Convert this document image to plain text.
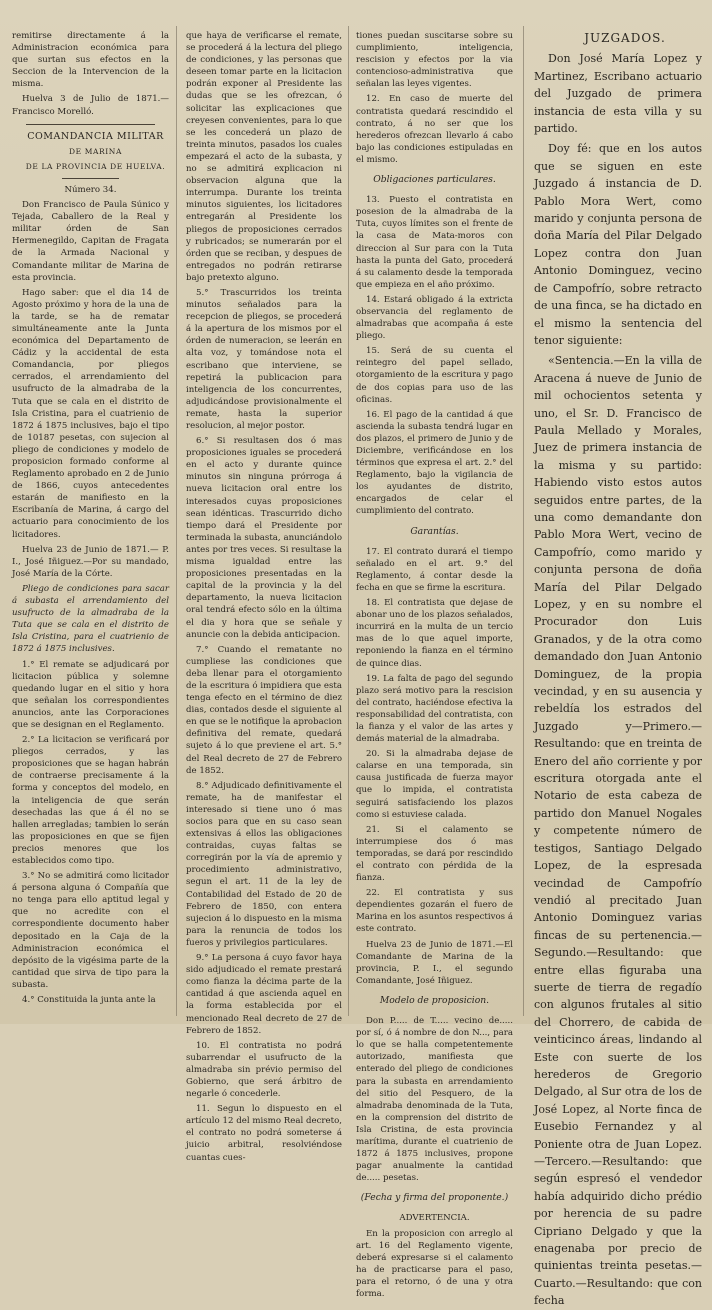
remitirse directamente á la Administracion económica para que surtan sus efectos en la Seccion de la Intervencion de la misma.

Huelva 3 de Julio de 1871.— Francisco Morelló.

COMANDANCIA MILITAR

DE MARINA

DE LA PROVINCIA DE HUELVA.

Número 34.

Don Francisco de Paula Súnico y Tejada, Caballero de la Real y militar órden de San Hermenegildo, Capitan de Fragata de la Armada Nacional y Comandante militar de Marina de esta provincia.

Hago saber: que el dia 14 de Agosto próximo y hora de la una de la tarde, se ha de rematar simultáneamente ante la Junta económica del Departamento de Cádiz y la accidental de esta Comandancia, por pliegos cerrados, el arrendamiento del usufructo de la almadraba de la Tuta que se cala en el distrito de Isla Cristina, para el cuatrienio de 1872 á 1875 inclusives, bajo el tipo de 10187 pesetas, con sujecion al pliego de condiciones y modelo de proposicion formado conforme al Reglamento aprobado en 2 de Junio de 1866, cuyos antecedentes estarán de manifiesto en la Escribanía de Marina, á cargo del actuario para conocimiento de los licitadores.

Huelva 23 de Junio de 1871.— P. I., José Iñiguez.—Por su mandado, José María de la Córte.

Pliego de condiciones para sacar á subasta el arrendamiento del usufructo de la almadraba de la Tuta que se cala en el distrito de Isla Cristina, para el cuatrienio de 1872 á 1875 inclusives.

1.° El remate se adjudicará por licitacion pública y solemne quedando lugar en el sitio y hora que señalan los correspondientes anuncios, ante las Corporaciones que se designan en el Reglamento.

2.° La licitacion se verificará por pliegos cerrados, y las proposiciones que se hagan habrán de contraerse precisamente á la forma y conceptos del modelo, en la inteligencia de que serán desechadas las que á él no se hallen arregladas; tambien lo serán las proposiciones en que se fijen precios menores que los establecidos como tipo.

3.° No se admitirá como licitador á persona alguna ó Compañía que no tenga para ello aptitud legal y que no acredite con el correspondiente documento haber depositado en la Caja de la Administracion económica el depósito de la vigésima parte de la cantidad que sirva de tipo para la subasta.

4.° Constituida la junta ante la

que haya de verificarse el remate, se procederá á la lectura del pliego de condiciones, y las personas que deseen tomar parte en la licitacion podrán exponer al Presidente las dudas que se les ofrezcan, ó solicitar las explicaciones que creyesen convenientes, para lo que se les concederá un plazo de treinta minutos, pasados los cuales empezará el acto de la subasta, y no se admitirá explicacion ni observacion alguna que la interrumpa. Durante los treinta minutos siguientes, los licitadores entregarán al Presidente los pliegos de proposiciones cerrados y rubricados; se numerarán por el órden que se reciban, y despues de entregados no podrán retirarse bajo pretexto alguno.

5.° Trascurridos los treinta minutos señalados para la recepcion de pliegos, se procederá á la apertura de los mismos por el órden de numeracion, se leerán en alta voz, y tomándose nota el escribano que interviene, se repetirá la publicacion para inteligencia de los concurrentes, adjudicándose provisionalmente el remate, hasta la superior resolucion, al mejor postor.

6.° Si resultasen dos ó mas proposiciones iguales se procederá en el acto y durante quince minutos sin ninguna prórroga á nueva licitacion oral entre los interesados cuyas proposiciones sean idénticas. Trascurrido dicho tiempo dará el Presidente por terminada la subasta, anunciándolo antes por tres veces. Si resultase la misma igualdad entre las proposiciones presentadas en la capital de la provincia y la del departamento, la nueva licitacion oral tendrá efecto sólo en la última el dia y hora que se señale y anuncie con la debida anticipacion.

7.° Cuando el rematante no cumpliese las condiciones que deba llenar para el otorgamiento de la escritura ó impidiera que esta tenga efecto en el término de diez dias, contados desde el siguiente al en que se le notifique la aprobacion definitiva del remate, quedará sujeto á lo que previene el art. 5.° del Real decreto de 27 de Febrero de 1852.

8.° Adjudicado definitivamente el remate, ha de manifestar el interesado si tiene uno ó mas socios para que en su caso sean extensivas á ellos las obligaciones contraidas, cuyas faltas se corregirán por la vía de apremio y procedimiento administrativo, segun el art. 11 de la ley de Contabilidad del Estado de 20 de Febrero de 1850, con entera sujecion á lo dispuesto en la misma para la renuncia de todos los fueros y privilegios particulares.

9.° La persona á cuyo favor haya sido adjudicado el remate prestará como fianza la décima parte de la cantidad á que ascienda aquel en la forma establecida por el mencionado Real decreto de 27 de Febrero de 1852.

10. El contratista no podrá subarrendar el usufructo de la almadraba sin prévio permiso del Gobierno, que será árbitro de negarle ó concederle.

11. Segun lo dispuesto en el artículo 12 del mismo Real decreto, el contrato no podrá someterse á juicio arbitral, resolviéndose cuantas cues-

tiones puedan suscitarse sobre su cumplimiento, inteligencia, rescision y efectos por la via contencioso-administrativa que señalan las leyes vigentes.

12. En caso de muerte del contratista quedará rescindido el contrato, á no ser que los herederos ofrezcan llevarlo á cabo bajo las condiciones estipuladas en el mismo.

Obligaciones particulares.

13. Puesto el contratista en posesion de la almadraba de la Tuta, cuyos límites son el frente de la casa de Mata-moros con direccion al Sur para con la Tuta hasta la punta del Gato, procederá á su calamento desde la temporada que empieza en el año próximo.

14. Estará obligado á la extricta observancia del reglamento de almadrabas que acompaña á este pliego.

15. Será de su cuenta el reintegro del papel sellado, otorgamiento de la escritura y pago de dos copias para uso de las oficinas.

16. El pago de la cantidad á que ascienda la subasta tendrá lugar en dos plazos, el primero de Junio y de Diciembre, verificándose en los términos que expresa el art. 2.° del Reglamento, bajo la vigilancia de los ayudantes de distrito, encargados de celar el cumplimiento del contrato.

Garantías.

17. El contrato durará el tiempo señalado en el art. 9.° del Reglamento, á contar desde la fecha en que se firme la escritura.

18. El contratista que dejase de abonar uno de los plazos señalados, incurrirá en la multa de un tercio mas de lo que aquel importe, reponiendo la fianza en el término de quince dias.

19. La falta de pago del segundo plazo será motivo para la rescision del contrato, haciéndose efectiva la responsabilidad del contratista, con la fianza y el valor de las artes y demás material de la almadraba.

20. Si la almadraba dejase de calarse en una temporada, sin causa justificada de fuerza mayor que lo impida, el contratista seguirá satisfaciendo los plazos como si estuviese calada.

21. Si el calamento se interrumpiese dos ó mas temporadas, se dará por rescindido el contrato con pérdida de la fianza.

22. El contratista y sus dependientes gozarán el fuero de Marina en los asuntos respectivos á este contrato.

Huelva 23 de Junio de 1871.—El Comandante de Marina de la provincia, P. I., el segundo Comandante, José Iñiguez.

Modelo de proposicion.

Don P..... de T..... vecino de..... por sí, ó á nombre de don N..., para lo que se halla competentemente autorizado, manifiesta que enterado del pliego de condiciones para la subasta en arrendamiento del sitio del Pesquero, de la almadraba denominada de la Tuta, en la comprension del distrito de Isla Cristina, de esta provincia marítima, durante el cuatrienio de 1872 á 1875 inclusives, propone pagar anualmente la cantidad de..... pesetas.

(Fecha y firma del proponente.)

ADVERTENCIA.

En la proposicion con arreglo al art. 16 del Reglamento vigente, deberá expresarse si el calamento ha de practicarse para el paso, para el retorno, ó de una y otra forma.

JUZGADOS.

Don José María Lopez y Martinez, Escribano actuario del Juzgado de primera instancia de esta villa y su partido.

Doy fé: que en los autos que se siguen en este Juzgado á instancia de D. Pablo Mora Wert, como marido y conjunta persona de doña María del Pilar Delgado Lopez contra don Juan Antonio Dominguez, vecino de Campofrío, sobre retracto de una finca, se ha dictado en el mismo la sentencia del tenor siguiente:

«Sentencia.—En la villa de Aracena á nueve de Junio de mil ochocientos setenta y uno, el Sr. D. Francisco de Paula Mellado y Morales, Juez de primera instancia de la misma y su partido: Habiendo visto estos autos seguidos entre partes, de la una como demandante don Pablo Mora Wert, vecino de Campofrío, como marido y conjunta persona de doña María del Pilar Delgado Lopez, y en su nombre el Procurador don Luis Granados, y de la otra como demandado don Juan Antonio Dominguez, de la propia vecindad, y en su ausencia y rebeldía los estrados del Juzgado y—Primero.—Resultando: que en treinta de Enero del año corriente y por escritura otorgada ante el Notario de esta cabeza de partido don Manuel Nogales y competente número de testigos, Santiago Delgado Lopez, de la espresada vecindad de Campofrío vendió al precitado Juan Antonio Dominguez varias fincas de su pertenencia.—Segundo.—Resultando: que entre ellas figuraba una suerte de tierra de regadío con algunos frutales al sitio del Chorrero, de cabida de veinticinco áreas, lindando al Este con suerte de los herederos de Gregorio Delgado, al Sur otra de los de José Lopez, al Norte finca de Eusebio Fernandez y al Poniente otra de Juan Lopez.—Tercero.—Resultando: que según espresó el vendedor había adquirido dicho prédio por herencia de su padre Cipriano Delgado y que la enagenaba por precio de quinientas treinta pesetas.—Cuarto.—Resultando: que con fecha
